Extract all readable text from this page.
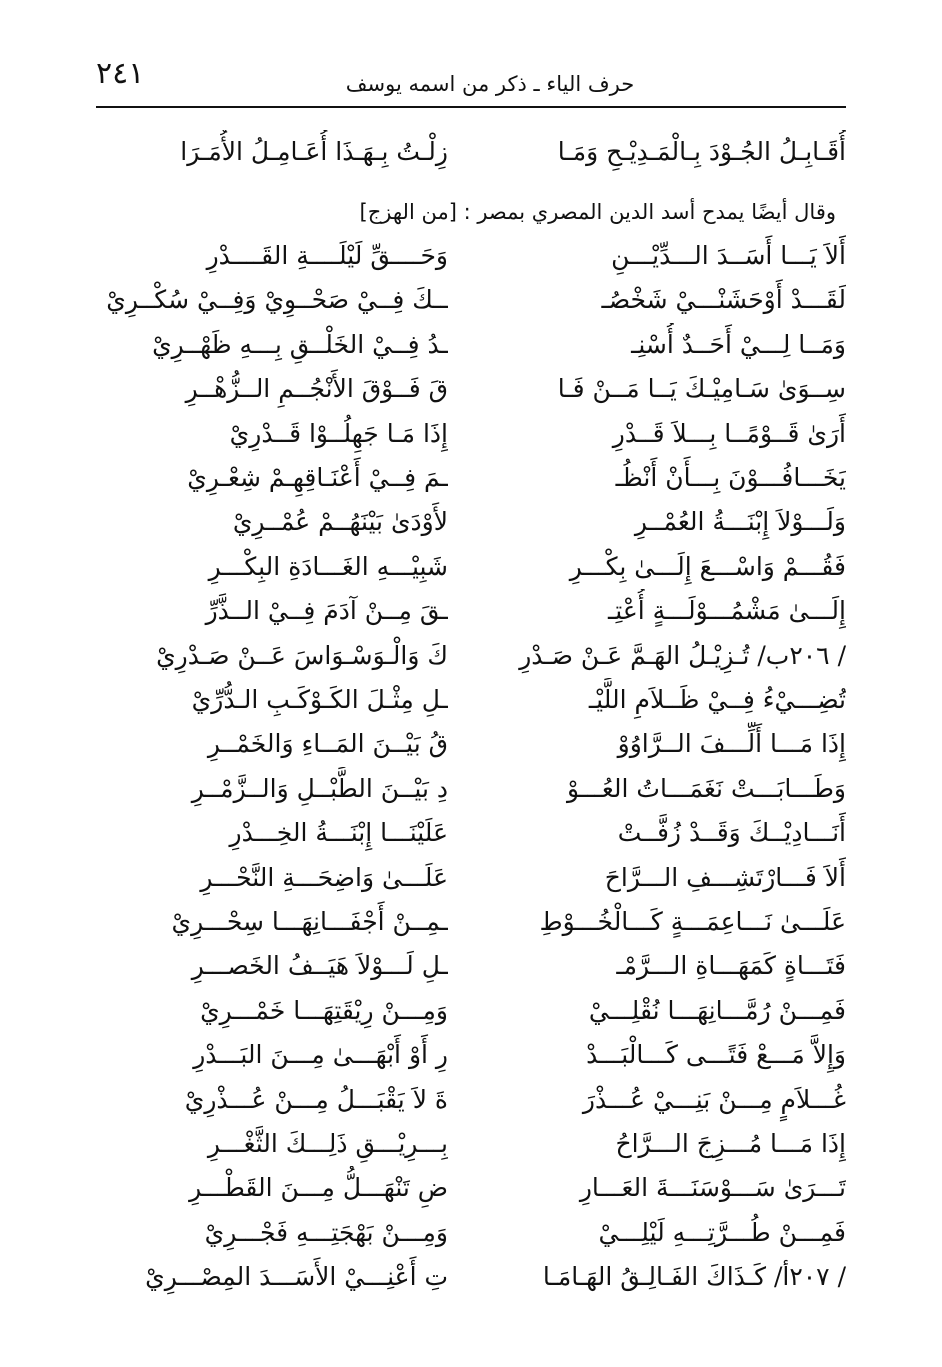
٢٤١	حرف الياء ـ ذكر من اسمه يوسف
أُقَـابِـلُ الجُـوْدَ بِـالْمَـدِيْـحِ وَمَـا
زِلْـتُ بِـهَـذَا أُعَـامِـلُ الأُمَـرَا
وقال أيضًا يمدح أسد الدين المصري بمصر : [من الهزج]
أَلاَ يَـــا أَسَــدَ الـــدِّيْـــنِ
وَحَــــقِّ لَيْلَــــةِ القَــــدْرِ
لَقَـــدْ أَوْحَشَنْـــيْ شَخْصُـ
ــكَ فِــيْ صَحْــوِيْ وَفِــيْ سُكْــرِيْ
وَمَــا لِـــيْ أَحَــدٌ أُسْنِـ
ـدُ فِــيْ الخَلْــقِ بِـــهِ ظَهْــرِيْ
سِــوَىٰ سَـامِيْـكَ يَــا مَــنْ فَـا
قَ فَــوْقَ الأَنْجُــمِ الــزُّهْــرِ
أَرَىٰ قَــوْمًــا بِـــلاَ قَــدْرِ
إِذَا مَـا جَهِلُــوْا قَــدْرِيْ
يَخَـــافُـــوْنَ بِـــأَنْ أَنْظُـ
ـمَ فِــيْ أَعْنَـاقِهِـمْ شِعْـرِيْ
وَلَـــوْلاَ إِبْنَـــةُ العُمْــرِ
لأَوْدَىٰ بَيْنَهُــمْ عُمْــرِيْ
فَقُـــمْ وَاسْـــعَ إِلَـــىٰ بِكْـــرِ
شَبِيْـــهِ الغَـــادَةِ البِكْـــرِ
إِلَـــىٰ مَشْمُـــوْلَـــةٍ أُعْتِـ
ـقَ مِــنْ آدَمَ فِــيْ الــذَّرِّ
/ ٢٠٦ب/ تُـزِيْـلُ الهَـمَّ عَـنْ صَـدْرِ
كَ وَالْـوَسْـوَاسَ عَــنْ صَـدْرِيْ
تُضِـــيْءُ فِــيْ ظَــلاَمِ اللَّيْـ
ـلِ مِثْـلَ الكَـوْكَـبِ الـدُّرِّيْ
إِذَا مَـــا أَلِّـــفَ الــرَّاوُوْ
قُ بَيْــنَ المَــاءِ وَالخَمْــرِ
وَطَـــابَـــتْ نَغَمَـــاتُ العُـــوْ
دِ بَيْــنَ الطَّبْــلِ وَالــزَّمْــرِ
أَنَـــادِيْــكَ وَقَــدْ زُفَّــتْ
عَلَيْنَـــا إِبْنَـــةُ الخِـــدْرِ
أَلاَ فَـــارْتَشِـــفِ الـــرَّاحَ
عَلَـــىٰ وَاضِحَـــةِ النَّحْـــرِ
عَلَـــىٰ نَـــاعِمَـــةٍ كَـــالْخُـــوْطِ
ـمِــنْ أَجْفَـــانِهَـــا سِحْـــرِيْ
فَتَـــاةٍ كَمَهَـــاةِ الـــرَّمْـ
ـلِ لَـــوْلاَ هَيَــفُ الخَصـــرِ
فَمِـــنْ رُمَّـــانِهَـــا نُقْلِـــيْ
وَمِـــنْ رِيْقَتِهَـــا خَمْـــرِيْ
وَإِلاَّ مَـــعْ فَتًـــى كَـــالْبَـــدْ
رِ أَوْ أَبْهَـــىٰ مِـــنَ البَـــدْرِ
غُـــلاَمٍ مِـــنْ بَنِـــيْ عُـــذْرَ
ةَ لاَ يَقْبَـــلُ مِـــنْ عُـــذْرِيْ
إِذَا مَـــا مُـــزِجَ الـــرَّاحُ
بِـــرِيْـــقِ ذَلِـــكَ الثَّغْـــرِ
تَـــرَىٰ سَـــوْسَنَـــةَ العَـــارِ
ضِ تَنْهَـــلُّ مِـــنَ القَطْـــرِ
فَمِـــنْ طُـــرَّتِـــهِ لَيْلِـــيْ
وَمِـــنْ بَهْجَتِـــهِ فَجْـــرِيْ
/ ٢٠٧أ/ كَـذَاكَ الفَـالِـقُ الهَـامَـا
تِ أَعْنِـــيْ الأَسَـــدَ المِصْـــرِيْ
